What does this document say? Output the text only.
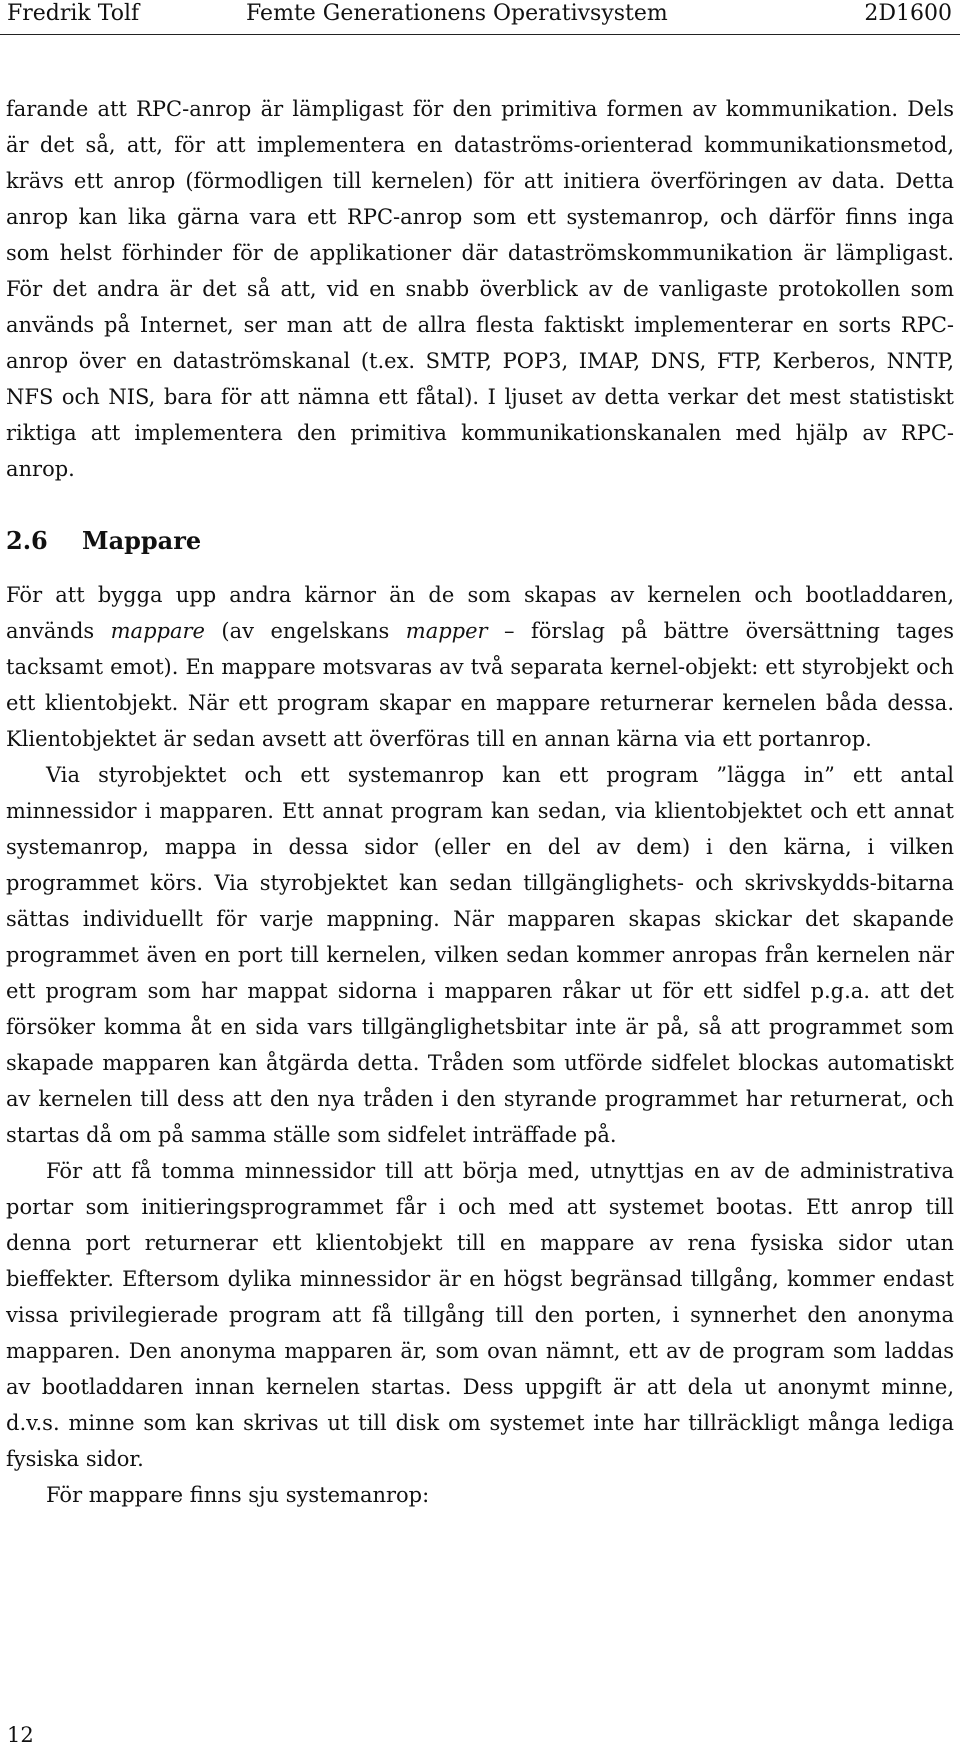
Fredrik Tolf	Femte Generationens Operativsystem	2D1600

farande att RPC-anrop är lämpligast för den primitiva formen av kommunikation. Dels är det så, att, för att implementera en dataströms-orienterad kommunikationsmetod, krävs ett anrop (förmodligen till kernelen) för att initiera överföringen av data. Detta anrop kan lika gärna vara ett RPC-anrop som ett systemanrop, och därför finns inga som helst förhinder för de applikationer där dataströmskommunikation är lämpligast. För det andra är det så att, vid en snabb överblick av de vanligaste protokollen som används på Internet, ser man att de allra flesta faktiskt implementerar en sorts RPC-anrop över en dataströmskanal (t.ex. SMTP, POP3, IMAP, DNS, FTP, Kerberos, NNTP, NFS och NIS, bara för att nämna ett fåtal). I ljuset av detta verkar det mest statistiskt riktiga att implementera den primitiva kommunikationskanalen med hjälp av RPC-anrop.

2.6 Mappare

För att bygga upp andra kärnor än de som skapas av kernelen och bootladdaren, används mappare (av engelskans mapper – förslag på bättre översättning tages tacksamt emot). En mappare motsvaras av två separata kernel-objekt: ett styrobjekt och ett klientobjekt. När ett program skapar en mappare returnerar kernelen båda dessa. Klientobjektet är sedan avsett att överföras till en annan kärna via ett portanrop.

Via styrobjektet och ett systemanrop kan ett program ”lägga in” ett antal minnessidor i mapparen. Ett annat program kan sedan, via klientobjektet och ett annat systemanrop, mappa in dessa sidor (eller en del av dem) i den kärna, i vilken programmet körs. Via styrobjektet kan sedan tillgänglighets- och skrivskydds-bitarna sättas individuellt för varje mappning. När mapparen skapas skickar det skapande programmet även en port till kernelen, vilken sedan kommer anropas från kernelen när ett program som har mappat sidorna i mapparen råkar ut för ett sidfel p.g.a. att det försöker komma åt en sida vars tillgänglighetsbitar inte är på, så att programmet som skapade mapparen kan åtgärda detta. Tråden som utförde sidfelet blockas automatiskt av kernelen till dess att den nya tråden i den styrande programmet har returnerat, och startas då om på samma ställe som sidfelet inträffade på.

För att få tomma minnessidor till att börja med, utnyttjas en av de administrativa portar som initieringsprogrammet får i och med att systemet bootas. Ett anrop till denna port returnerar ett klientobjekt till en mappare av rena fysiska sidor utan bieffekter. Eftersom dylika minnessidor är en högst begränsad tillgång, kommer endast vissa privilegierade program att få tillgång till den porten, i synnerhet den anonyma mapparen. Den anonyma mapparen är, som ovan nämnt, ett av de program som laddas av bootladdaren innan kernelen startas. Dess uppgift är att dela ut anonymt minne, d.v.s. minne som kan skrivas ut till disk om systemet inte har tillräckligt många lediga fysiska sidor.

För mappare finns sju systemanrop:

12
